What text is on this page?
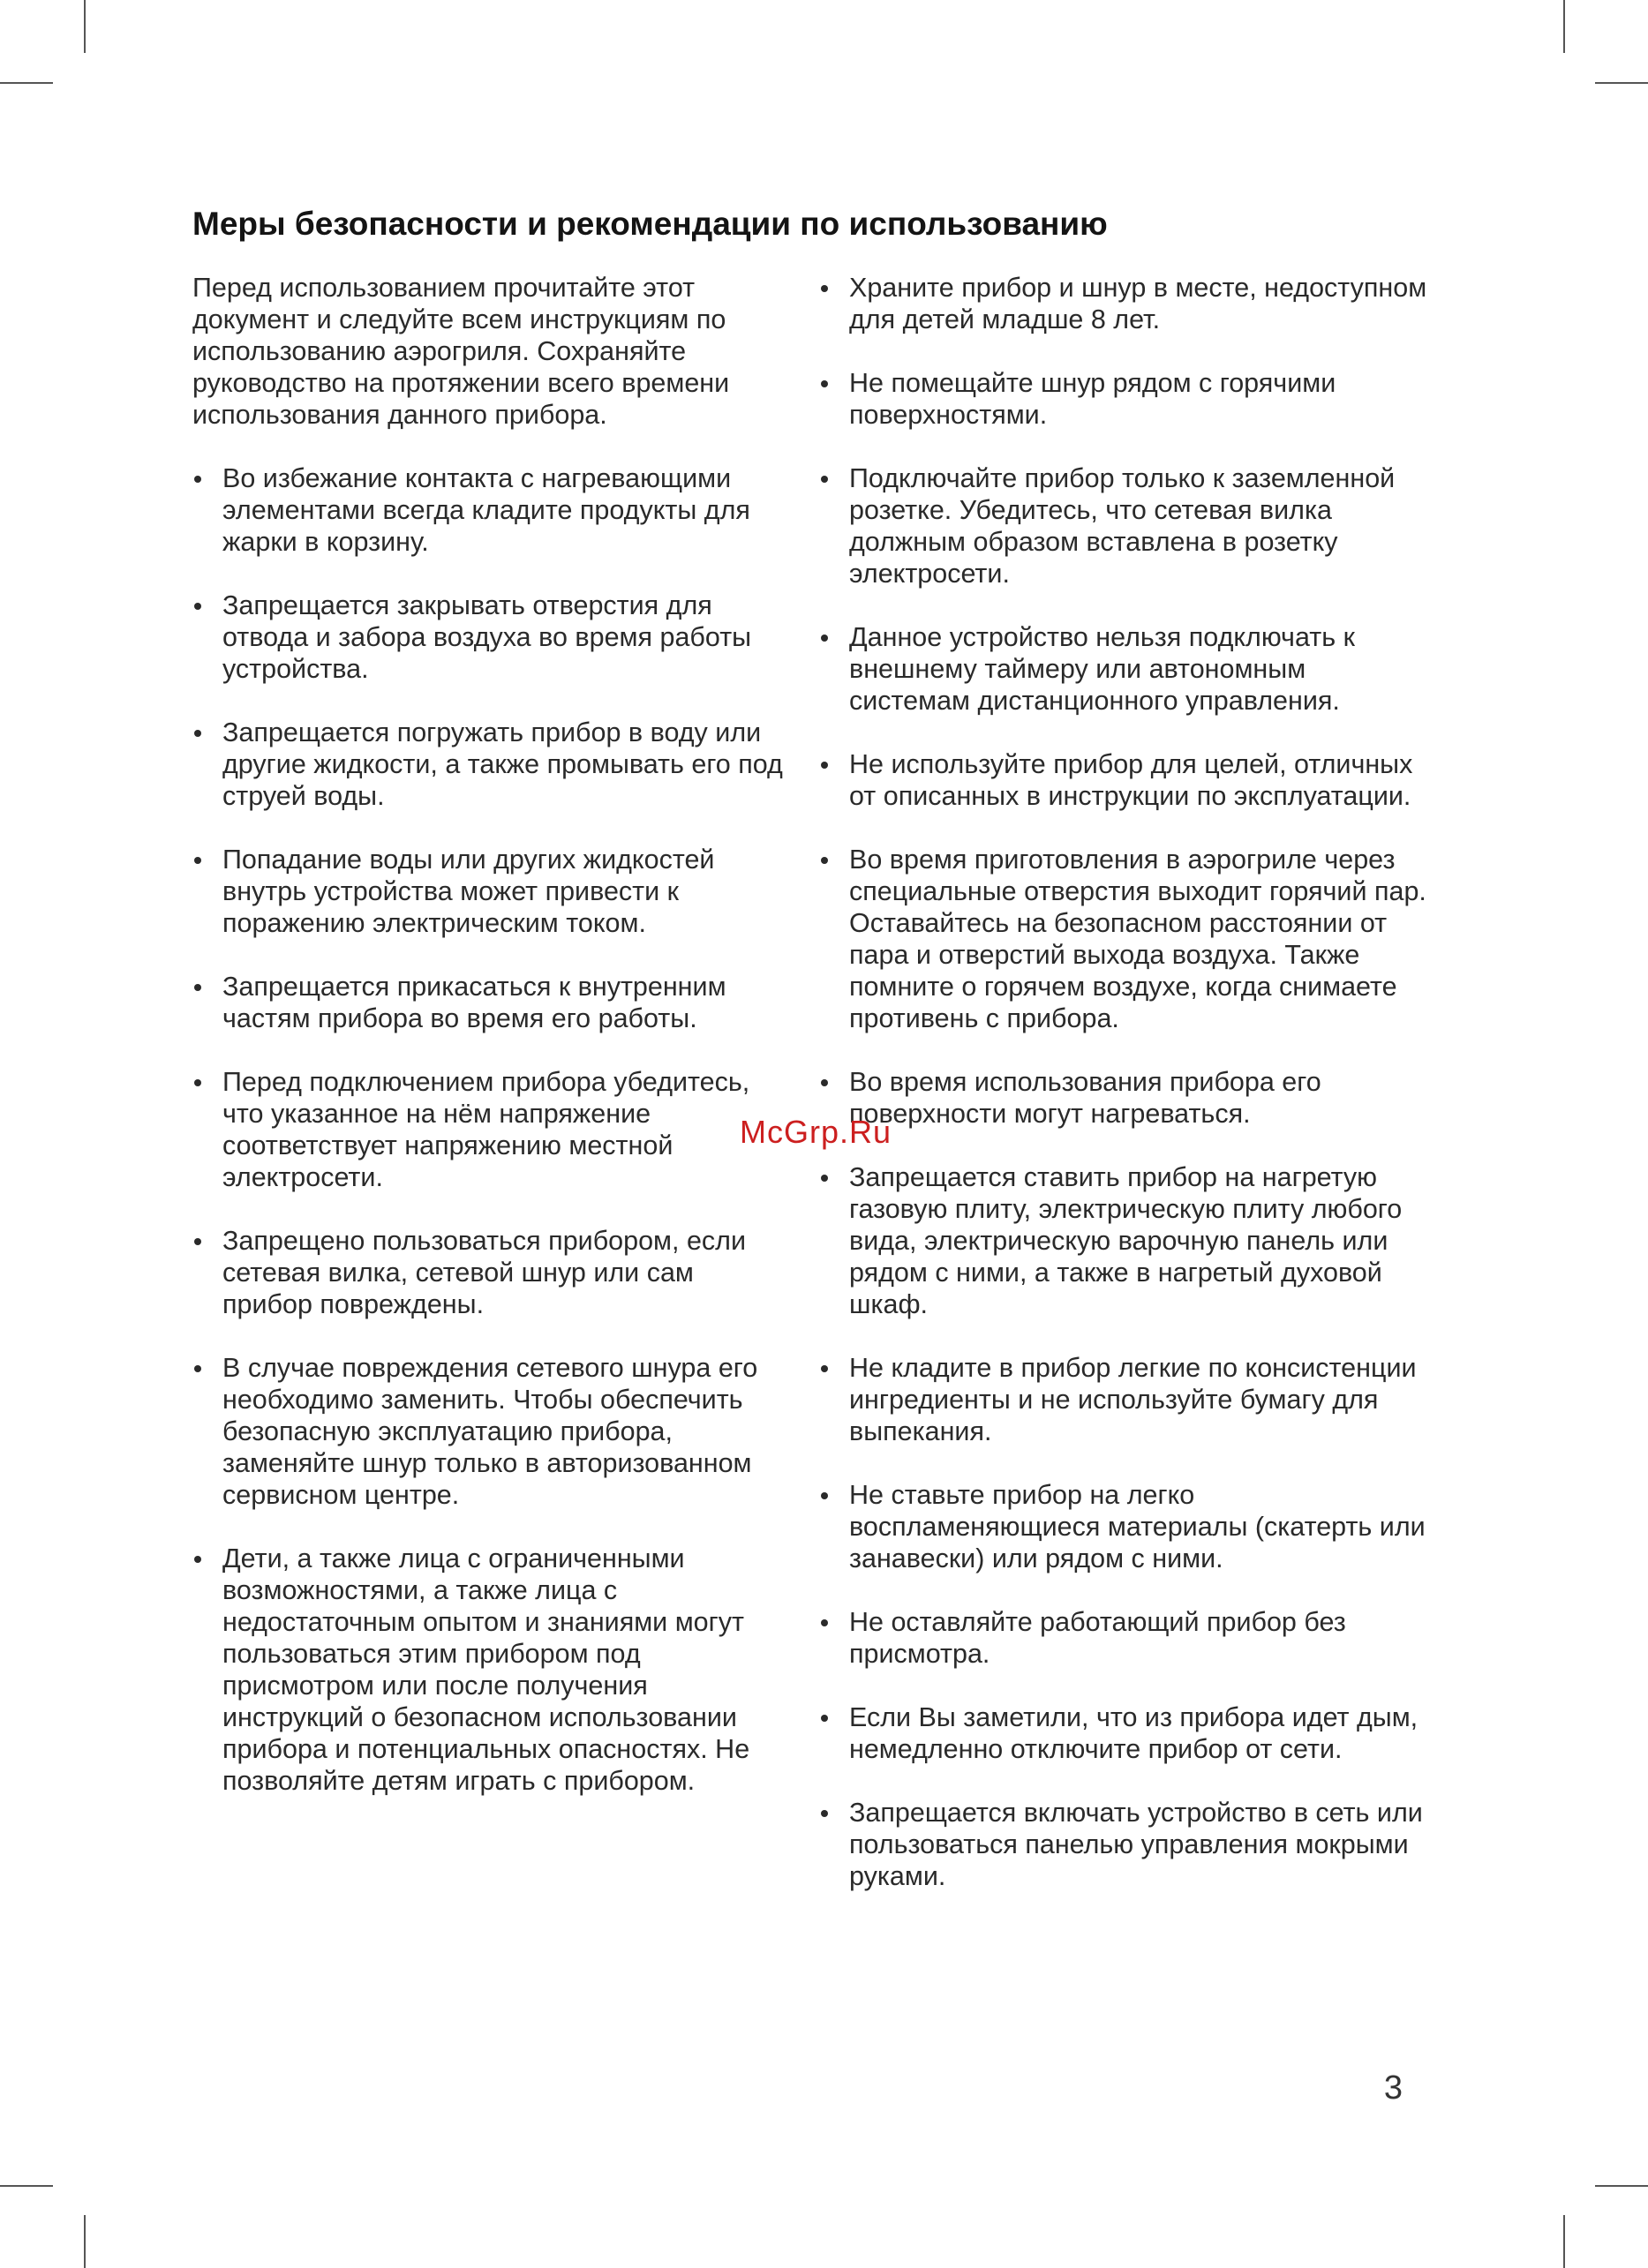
Меры безопасности и рекомендации по использованию

Перед использованием прочитайте этот документ и следуйте всем инструкциям по использованию аэрогриля. Сохраняйте руководство на протяжении всего времени использования данного прибора.

Во избежание контакта с нагревающими элементами всегда кладите продукты для жарки в корзину.
Запрещается закрывать отверстия для отвода и забора воздуха во время работы устройства.
Запрещается погружать прибор в воду или другие жидкости, а также промывать его под струей воды.
Попадание воды или других жидкостей внутрь устройства может привести к поражению электрическим током.
Запрещается прикасаться к внутренним частям прибора во время его работы.
Перед подключением прибора убедитесь, что указанное на нём напряжение соответствует напряжению местной электросети.
Запрещено пользоваться прибором, если сетевая вилка, сетевой шнур или сам прибор повреждены.
В случае повреждения сетевого шнура его необходимо заменить. Чтобы обеспечить безопасную эксплуатацию прибора, заменяйте шнур только в авторизованном сервисном центре.
Дети, а также лица с ограниченными возможностями, а также лица с недостаточным опытом и знаниями могут пользоваться этим прибором под присмотром или после получения инструкций о безопасном использовании прибора и потенциальных опасностях. Не позволяйте детям играть с прибором.
Храните прибор и шнур в месте, недоступном для детей младше 8 лет.
Не помещайте шнур рядом с горячими поверхностями.
Подключайте прибор только к заземленной розетке. Убедитесь, что сетевая вилка должным образом вставлена в розетку электросети.
Данное устройство нельзя подключать к внешнему таймеру или автономным системам дистанционного управления.
Не используйте прибор для целей, отличных от описанных в инструкции по эксплуатации.
Во время приготовления в аэрогриле через специальные отверстия выходит горячий пар. Оставайтесь на безопасном расстоянии от пара и отверстий выхода воздуха. Также помните о горячем воздухе, когда снимаете противень с прибора.
Во время использования прибора его поверхности могут нагреваться.
Запрещается ставить прибор на нагретую газовую плиту, электрическую плиту любого вида, электрическую варочную панель или рядом с ними, а также в нагретый духовой шкаф.
Не кладите в прибор легкие по консистенции ингредиенты и не используйте бумагу для выпекания.
Не ставьте прибор на легко воспламеняющиеся материалы (скатерть или занавески) или рядом с ними.
Не оставляйте работающий прибор без присмотра.
Если Вы заметили, что из прибора идет дым, немедленно отключите прибор от сети.
Запрещается включать устройство в сеть или пользоваться панелью управления мокрыми руками.
McGrp.Ru
3
